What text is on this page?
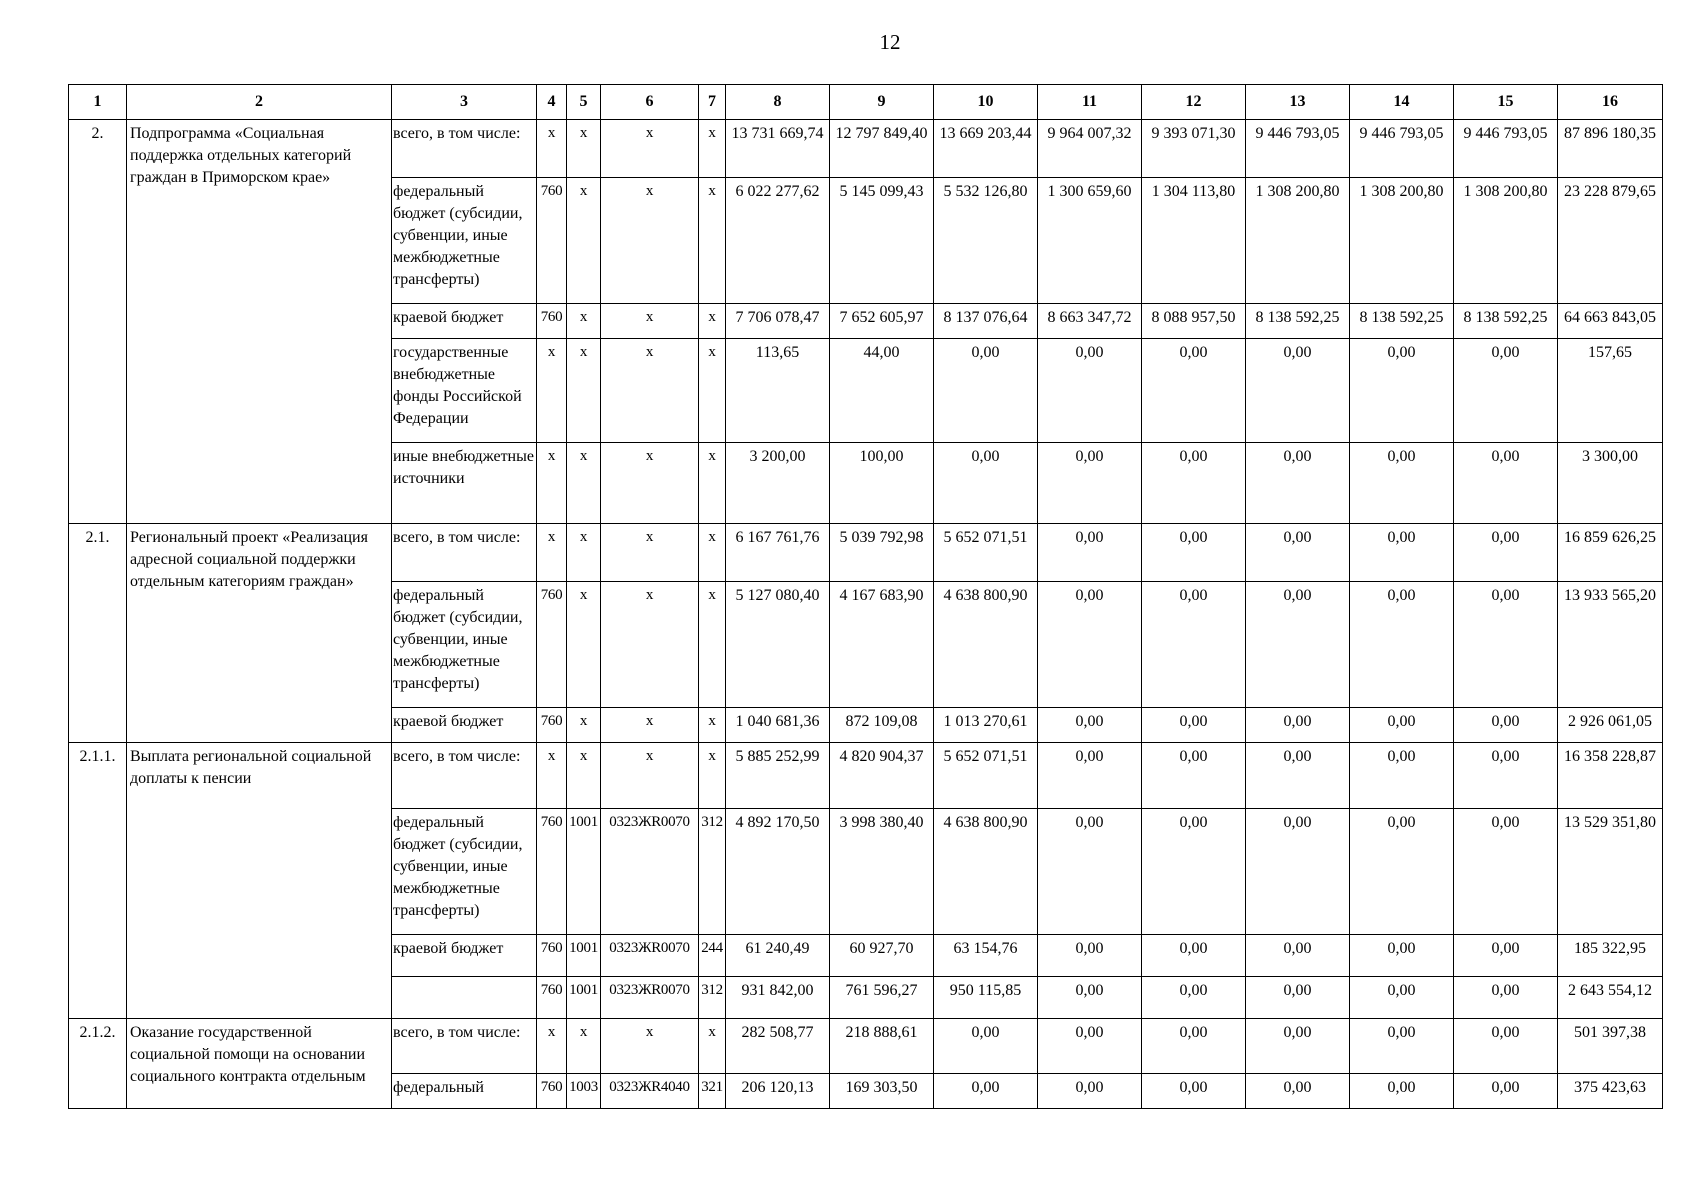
12
1	2	3	4	5	6	7	8	9	10	11	12	13	14	15	16
2.	Подпрограмма «Социальная поддержка отдельных категорий граждан в Приморском крае»	всего, в том числе:	x	x	x	x	13 731 669,74	12 797 849,40	13 669 203,44	9 964 007,32	9 393 071,30	9 446 793,05	9 446 793,05	9 446 793,05	87 896 180,35
		федеральный бюджет (субсидии, субвенции, иные межбюджетные трансферты)	760	x	x	x	6 022 277,62	5 145 099,43	5 532 126,80	1 300 659,60	1 304 113,80	1 308 200,80	1 308 200,80	1 308 200,80	23 228 879,65
		краевой бюджет	760	x	x	x	7 706 078,47	7 652 605,97	8 137 076,64	8 663 347,72	8 088 957,50	8 138 592,25	8 138 592,25	8 138 592,25	64 663 843,05
		государственные внебюджетные фонды Российской Федерации	x	x	x	x	113,65	44,00	0,00	0,00	0,00	0,00	0,00	0,00	157,65
		иные внебюджетные источники	x	x	x	x	3 200,00	100,00	0,00	0,00	0,00	0,00	0,00	0,00	3 300,00
2.1.	Региональный проект «Реализация адресной социальной поддержки отдельным категориям граждан»	всего, в том числе:	x	x	x	x	6 167 761,76	5 039 792,98	5 652 071,51	0,00	0,00	0,00	0,00	0,00	16 859 626,25
		федеральный бюджет (субсидии, субвенции, иные межбюджетные трансферты)	760	x	x	x	5 127 080,40	4 167 683,90	4 638 800,90	0,00	0,00	0,00	0,00	0,00	13 933 565,20
		краевой бюджет	760	x	x	x	1 040 681,36	872 109,08	1 013 270,61	0,00	0,00	0,00	0,00	0,00	2 926 061,05
2.1.1.	Выплата региональной социальной доплаты к пенсии	всего, в том числе:	x	x	x	x	5 885 252,99	4 820 904,37	5 652 071,51	0,00	0,00	0,00	0,00	0,00	16 358 228,87
		федеральный бюджет (субсидии, субвенции, иные межбюджетные трансферты)	760	1001	0323ЖR0070	312	4 892 170,50	3 998 380,40	4 638 800,90	0,00	0,00	0,00	0,00	0,00	13 529 351,80
		краевой бюджет	760	1001	0323ЖR0070	244	61 240,49	60 927,70	63 154,76	0,00	0,00	0,00	0,00	0,00	185 322,95
			760	1001	0323ЖR0070	312	931 842,00	761 596,27	950 115,85	0,00	0,00	0,00	0,00	0,00	2 643 554,12
2.1.2.	Оказание государственной социальной помощи на основании социального контракта отдельным	всего, в том числе:	x	x	x	x	282 508,77	218 888,61	0,00	0,00	0,00	0,00	0,00	0,00	501 397,38
		федеральный	760	1003	0323ЖR4040	321	206 120,13	169 303,50	0,00	0,00	0,00	0,00	0,00	0,00	375 423,63
